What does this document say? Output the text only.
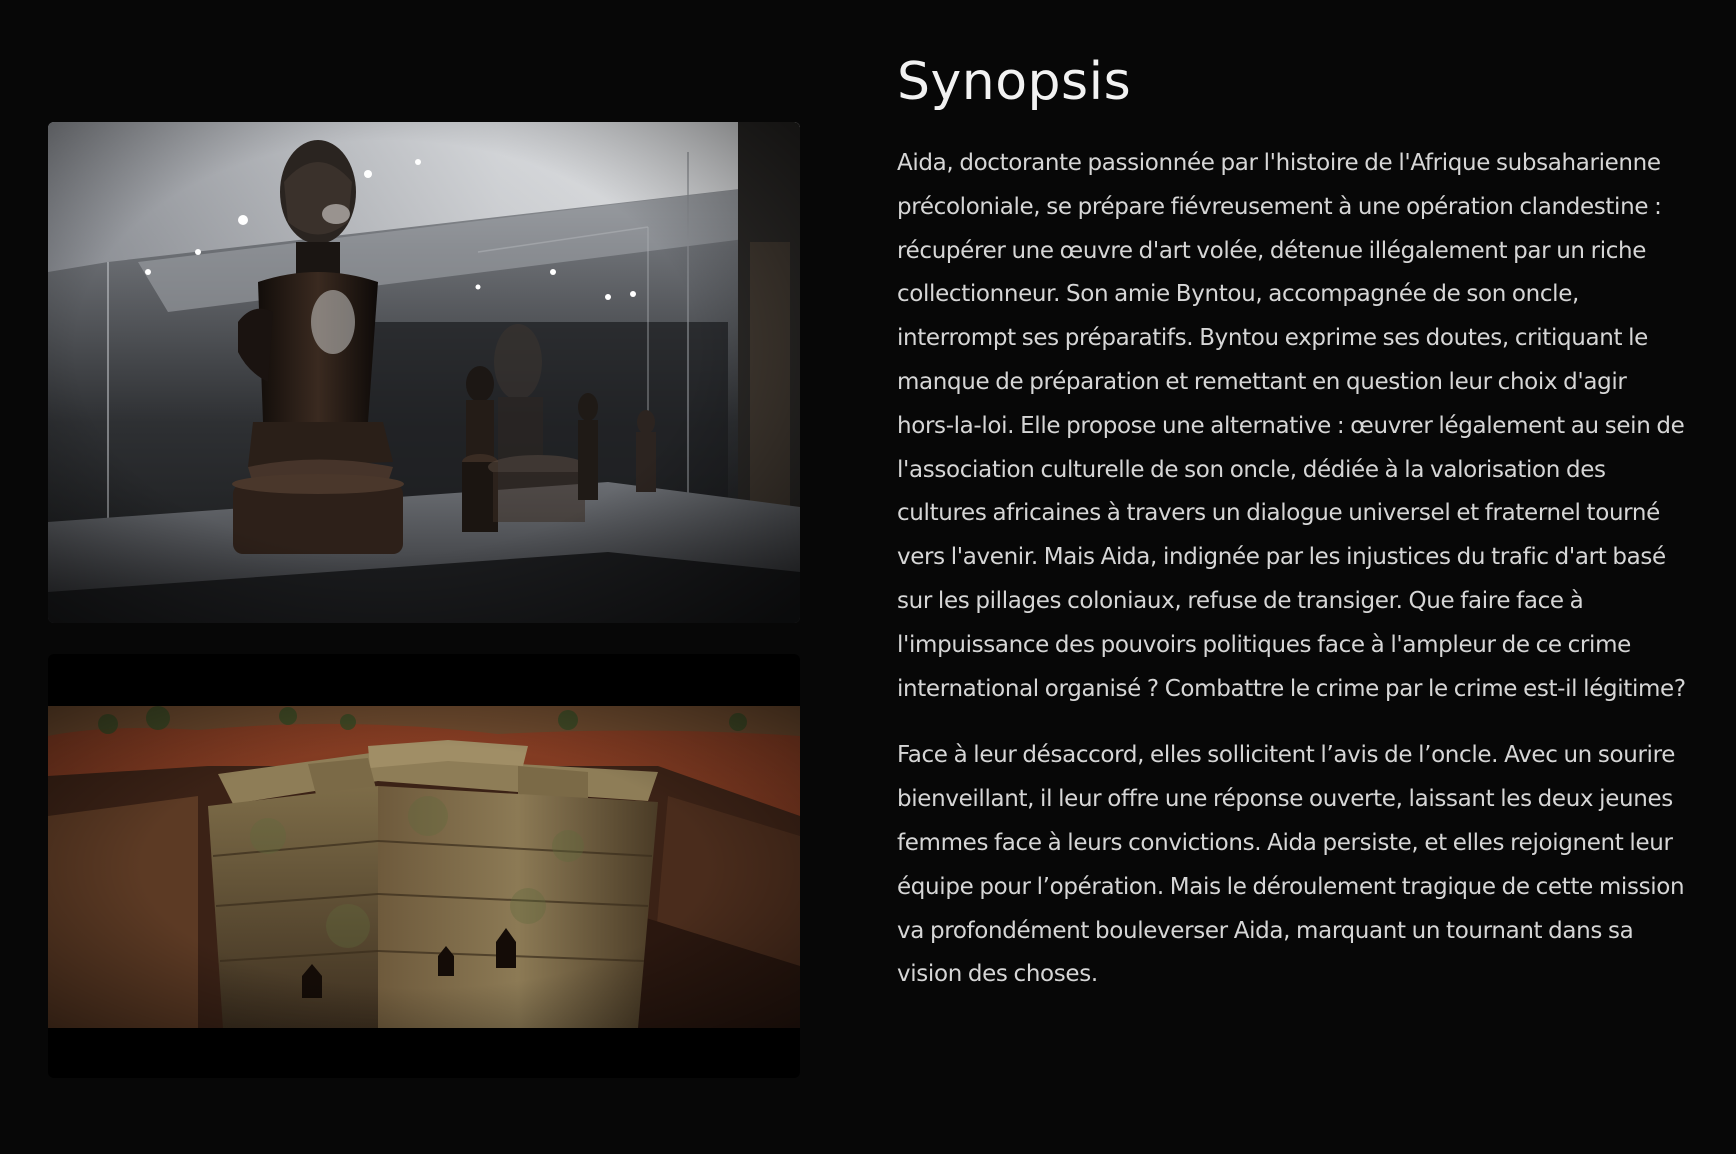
Synopsis

Aida, doctorante passionnée par l'histoire de l'Afrique subsaharienne précoloniale, se prépare fiévreusement à une opération clandestine : récupérer une œuvre d'art volée, détenue illégalement par un riche collectionneur. Son amie Byntou, accompagnée de son oncle, interrompt ses préparatifs. Byntou exprime ses doutes, critiquant le manque de préparation et remettant en question leur choix d'agir hors-la-loi. Elle propose une alternative : œuvrer légalement au sein de l'association culturelle de son oncle, dédiée à la valorisation des cultures africaines à travers un dialogue universel et fraternel tourné vers l'avenir. Mais Aida, indignée par les injustices du trafic d'art basé sur les pillages coloniaux, refuse de transiger. Que faire face à l'impuissance des pouvoirs politiques face à l'ampleur de ce crime international organisé ? Combattre le crime par le crime est-il légitime?

Face à leur désaccord, elles sollicitent l’avis de l’oncle. Avec un sourire bienveillant, il leur offre une réponse ouverte, laissant les deux jeunes femmes face à leurs convictions. Aida persiste, et elles rejoignent leur équipe pour l’opération. Mais le déroulement tragique de cette mission va profondément bouleverser Aida, marquant un tournant dans sa vision des choses.
